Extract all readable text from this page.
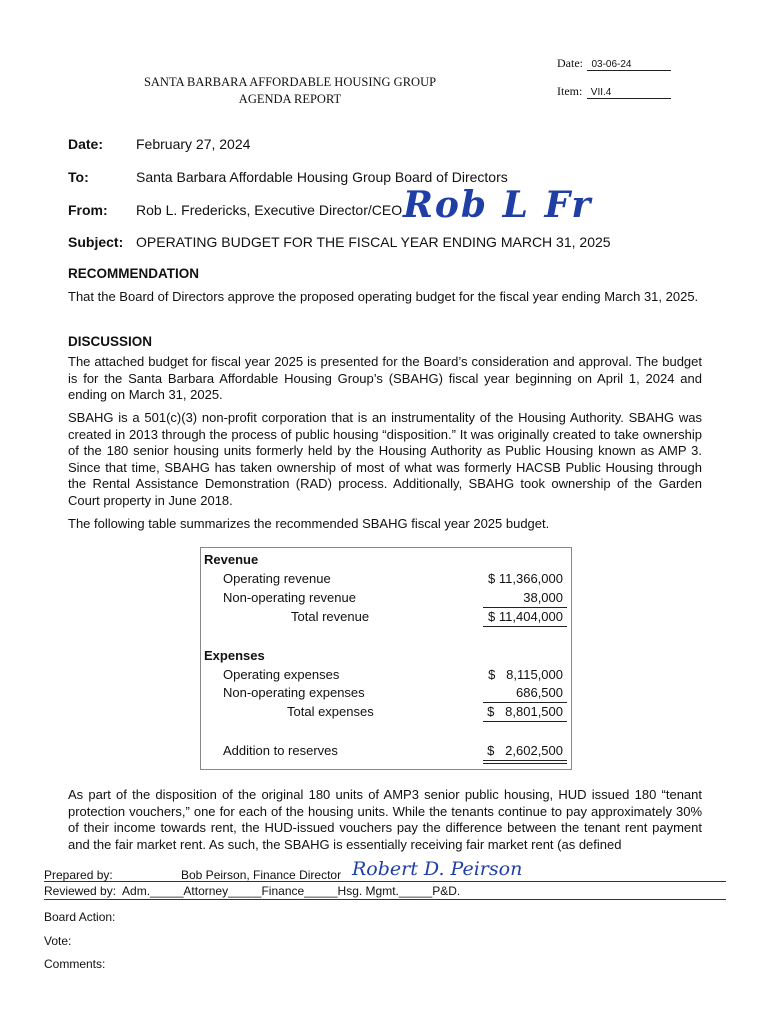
Date: 03-06-24
Item: VII.4
SANTA BARBARA AFFORDABLE HOUSING GROUP
AGENDA REPORT
Date: February 27, 2024
To:	Santa Barbara Affordable Housing Group Board of Directors
From: Rob L. Fredericks, Executive Director/CEO Rob L Fr
Subject: OPERATING BUDGET FOR THE FISCAL YEAR ENDING MARCH 31, 2025
RECOMMENDATION
That the Board of Directors approve the proposed operating budget for the fiscal year ending March 31, 2025.
DISCUSSION
The attached budget for fiscal year 2025 is presented for the Board’s consideration and approval. The budget is for the Santa Barbara Affordable Housing Group’s (SBAHG) fiscal year beginning on April 1, 2024 and ending on March 31, 2025.
SBAHG is a 501(c)(3) non-profit corporation that is an instrumentality of the Housing Authority. SBAHG was created in 2013 through the process of public housing “disposition.” It was originally created to take ownership of the 180 senior housing units formerly held by the Housing Authority as Public Housing known as AMP 3. Since that time, SBAHG has taken ownership of most of what was formerly HACSB Public Housing through the Rental Assistance Demonstration (RAD) process. Additionally, SBAHG took ownership of the Garden Court property in June 2018.
The following table summarizes the recommended SBAHG fiscal year 2025 budget.
Revenue
Operating revenue	$ 11,366,000
Non-operating revenue	38,000
Total revenue	$ 11,404,000
Expenses
Operating expenses	$   8,115,000
Non-operating expenses	686,500
Total expenses	$   8,801,500
Addition to reserves	$   2,602,500
As part of the disposition of the original 180 units of AMP3 senior public housing, HUD issued 180 “tenant protection vouchers,” one for each of the housing units. While the tenants continue to pay approximately 30% of their income towards rent, the HUD-issued vouchers pay the difference between the tenant rent payment and the fair market rent. As such, the SBAHG is essentially receiving fair market rent (as defined
Prepared by:	Bob Peirson, Finance Director Robert D. Peirson
Reviewed by:  Adm._____Attorney_____Finance_____Hsg. Mgmt._____P&D.
Board Action:
Vote:
Comments:
